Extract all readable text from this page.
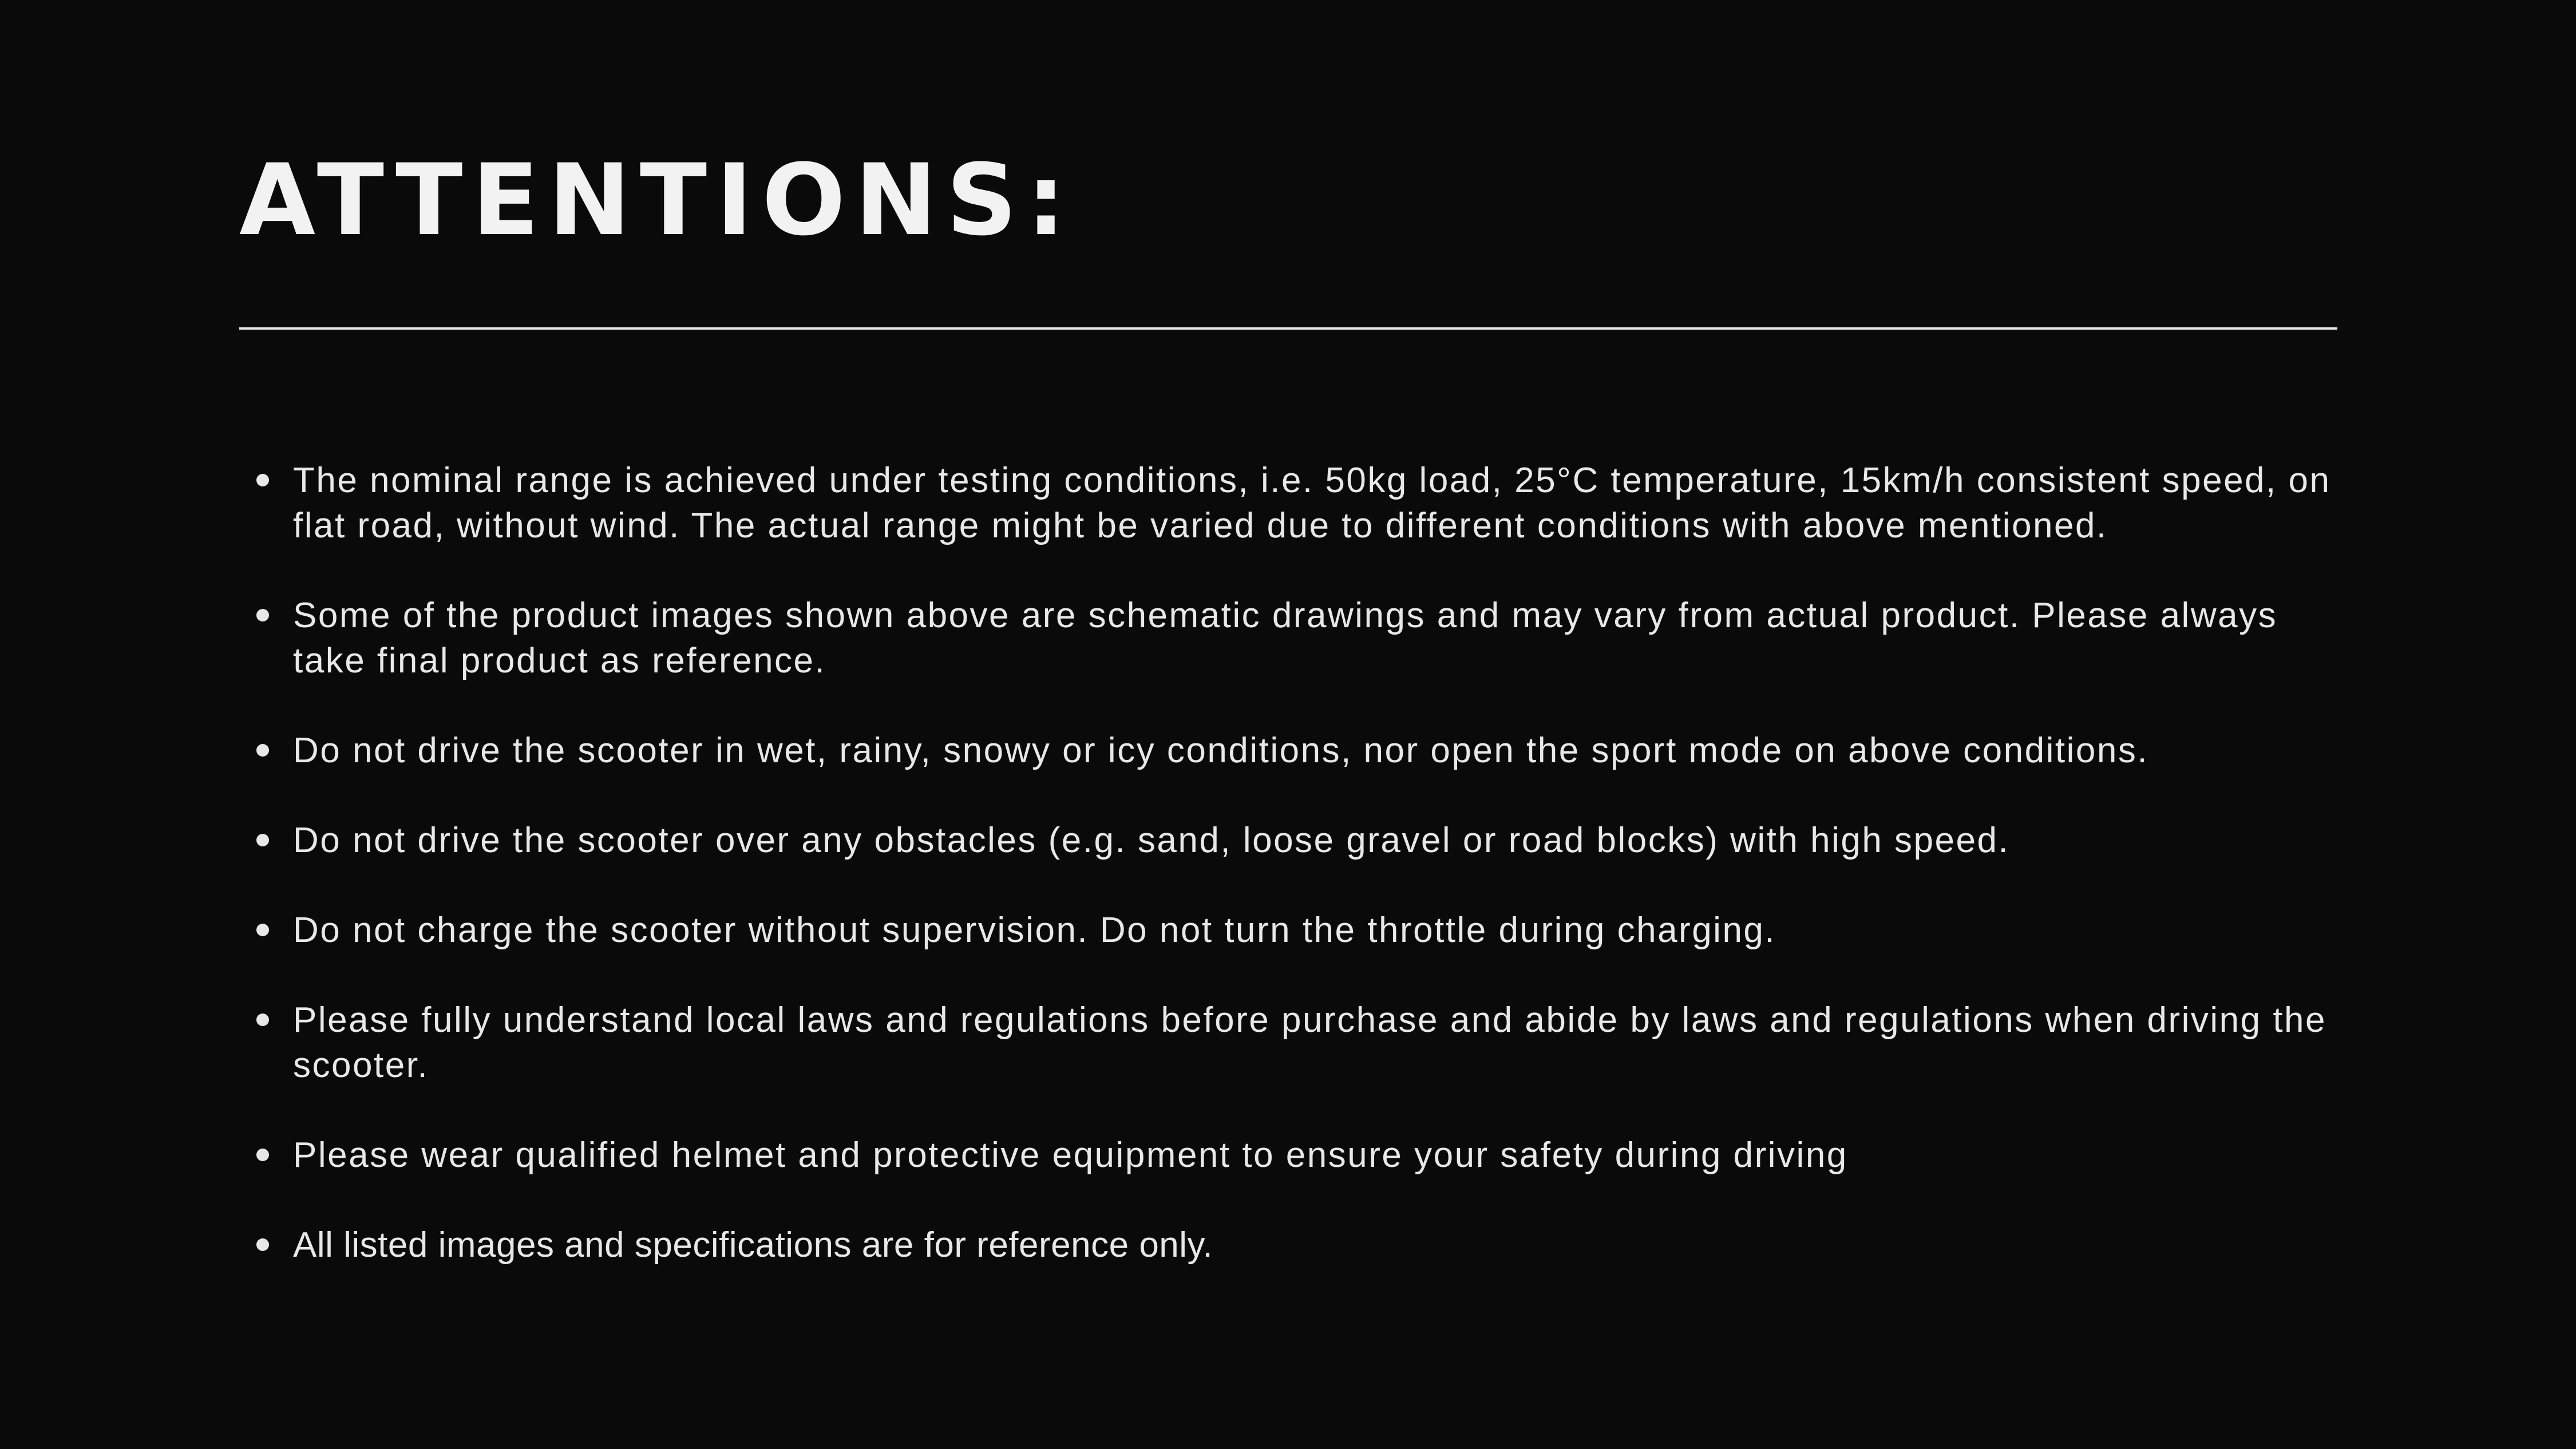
ATTENTIONS:
The nominal range is achieved under testing conditions, i.e. 50kg load, 25°C temperature, 15km/h consistent speed, on flat road, without wind. The actual range might be varied due to different conditions with above mentioned.
Some of the product images shown above are schematic drawings and may vary from actual product. Please always take final product as reference.
Do not drive the scooter in wet, rainy, snowy or icy conditions, nor open the sport mode on above conditions.
Do not drive the scooter over any obstacles (e.g. sand, loose gravel or road blocks) with high speed.
Do not charge the scooter without supervision. Do not turn the throttle during charging.
Please fully understand local laws and regulations before purchase and abide by laws and regulations when driving the scooter.
Please wear qualified helmet and protective equipment to ensure your safety during driving
All listed images and specifications are for reference only.
